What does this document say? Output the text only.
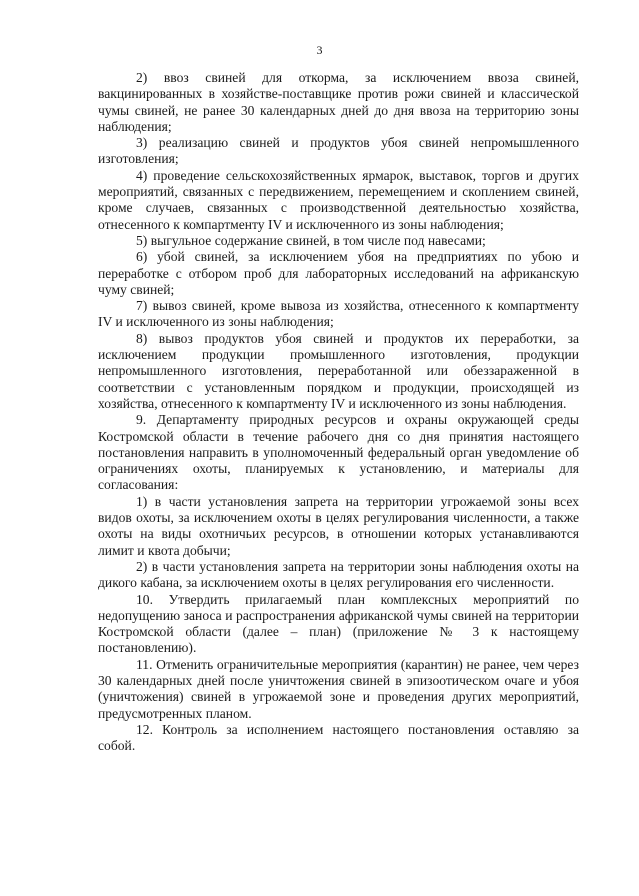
3

2) ввоз свиней для откорма, за исключением ввоза свиней, вакцинированных в хозяйстве-поставщике против рожи свиней и классической чумы свиней, не ранее 30 календарных дней до дня ввоза на территорию зоны наблюдения;

3) реализацию свиней и продуктов убоя свиней непромышленного изготовления;

4) проведение сельскохозяйственных ярмарок, выставок, торгов и других мероприятий, связанных с передвижением, перемещением и скоплением свиней, кроме случаев, связанных с производственной деятельностью хозяйства, отнесенного к компартменту IV и исключенного из зоны наблюдения;

5) выгульное содержание свиней, в том числе под навесами;

6) убой свиней, за исключением убоя на предприятиях по убою и переработке с отбором проб для лабораторных исследований на африканскую чуму свиней;

7) вывоз свиней, кроме вывоза из хозяйства, отнесенного к компартменту IV и исключенного из зоны наблюдения;

8) вывоз продуктов убоя свиней и продуктов их переработки, за исключением продукции промышленного изготовления, продукции непромышленного изготовления, переработанной или обеззараженной в соответствии с установленным порядком и продукции, происходящей из хозяйства, отнесенного к компартменту IV и исключенного из зоны наблюдения.

9. Департаменту природных ресурсов и охраны окружающей среды Костромской области в течение рабочего дня со дня принятия настоящего постановления направить в уполномоченный федеральный орган уведомление об ограничениях охоты, планируемых к установлению, и материалы для согласования:

1) в части установления запрета на территории угрожаемой зоны всех видов охоты, за исключением охоты в целях регулирования численности, а также охоты на виды охотничьих ресурсов, в отношении которых устанавливаются лимит и квота добычи;

2) в части установления запрета на территории зоны наблюдения охоты на дикого кабана, за исключением охоты в целях регулирования его численности.

10. Утвердить прилагаемый план комплексных мероприятий по недопущению заноса и распространения африканской чумы свиней на территории Костромской области (далее – план) (приложение № 3 к настоящему постановлению).

11. Отменить ограничительные мероприятия (карантин) не ранее, чем через 30 календарных дней после уничтожения свиней в эпизоотическом очаге и убоя (уничтожения) свиней в угрожаемой зоне и проведения других мероприятий, предусмотренных планом.

12. Контроль за исполнением настоящего постановления оставляю за собой.
